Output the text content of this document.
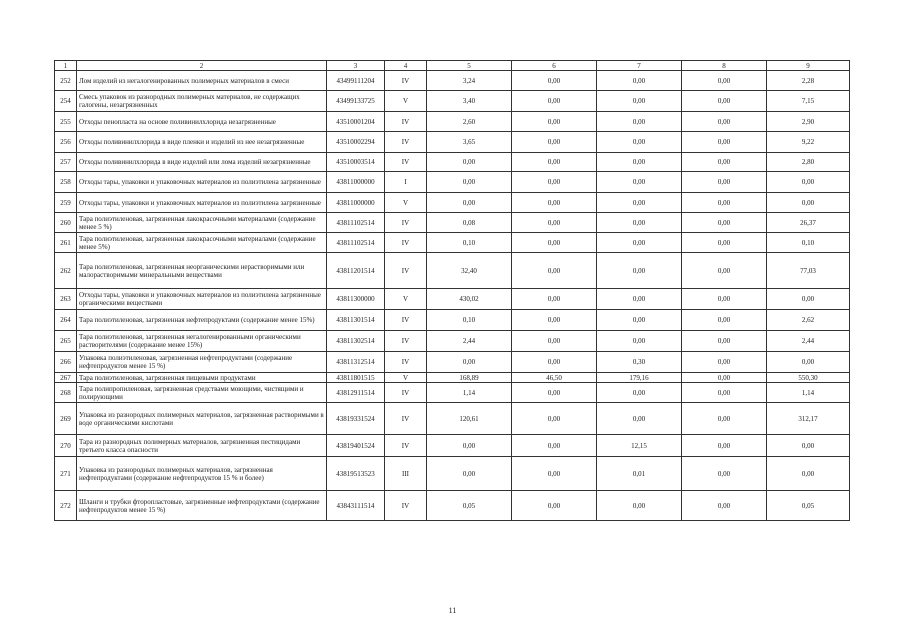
1	2	3	4	5	6	7	8	9
252	Лом изделий из негалогенированных полимерных материалов в смеси	43499111204	IV	3,24	0,00	0,00	0,00	2,28
254	Смесь упаковок из разнородных полимерных материалов, не содержащих галогены, незагрязненных	43499133725	V	3,40	0,00	0,00	0,00	7,15
255	Отходы пенопласта на основе поливинилхлорида незагрязненные	43510001204	IV	2,60	0,00	0,00	0,00	2,90
256	Отходы поливинилхлорида в виде пленки и изделий из нее незагрязненные	43510002294	IV	3,65	0,00	0,00	0,00	9,22
257	Отходы поливинилхлорида в виде изделий или лома изделий незагрязненные	43510003514	IV	0,00	0,00	0,00	0,00	2,80
258	Отходы тары, упаковки и упаковочных материалов из полиэтилена загрязненные	43811000000	I	0,00	0,00	0,00	0,00	0,00
259	Отходы тары, упаковки и упаковочных материалов из полиэтилена загрязненные	43811000000	V	0,00	0,00	0,00	0,00	0,00
260	Тара полиэтиленовая, загрязненная лакокрасочными материалами (содержание менее 5 %)	43811102514	IV	0,08	0,00	0,00	0,00	26,37
261	Тара полиэтиленовая, загрязненная лакокрасочными материалами (содержание менее 5%)	43811102514	IV	0,10	0,00	0,00	0,00	0,10
262	Тара полиэтиленовая, загрязненная неорганическими нерастворимыми или малорастворимыми минеральными веществами	43811201514	IV	32,40	0,00	0,00	0,00	77,03
263	Отходы тары, упаковки и упаковочных материалов из полиэтилена загрязненные органическими веществами	43811300000	V	430,02	0,00	0,00	0,00	0,00
264	Тара полиэтиленовая, загрязненная нефтепродуктами (содержание менее 15%)	43811301514	IV	0,10	0,00	0,00	0,00	2,62
265	Тара полиэтиленовая, загрязненная негалогенированными органическими растворителями (содержание менее 15%)	43811302514	IV	2,44	0,00	0,00	0,00	2,44
266	Упаковка полиэтиленовая, загрязненная нефтепродуктами (содержание нефтепродуктов менее 15 %)	43811312514	IV	0,00	0,00	0,30	0,00	0,00
267	Тара полиэтиленовая, загрязненная пищевыми продуктами	43811801515	V	168,89	46,50	179,16	0,00	550,30
268	Тара полипропиленовая, загрязненная средствами моющими, чистящими и полирующими	43812911514	IV	1,14	0,00	0,00	0,00	1,14
269	Упаковка из разнородных полимерных материалов, загрязненная растворимыми в воде органическими кислотами	43819331524	IV	120,61	0,00	0,00	0,00	312,17
270	Тара из разнородных полимерных материалов, загрязненная пестицидами третьего класса опасности	43819401524	IV	0,00	0,00	12,15	0,00	0,00
271	Упаковка из разнородных полимерных материалов, загрязненная нефтепродуктами (содержание нефтепродуктов 15 % и более)	43819513523	III	0,00	0,00	0,01	0,00	0,00
272	Шланги и трубки фторопластовые, загрязненные нефтепродуктами (содержание нефтепродуктов менее 15 %)	43843111514	IV	0,05	0,00	0,00	0,00	0,05
11
